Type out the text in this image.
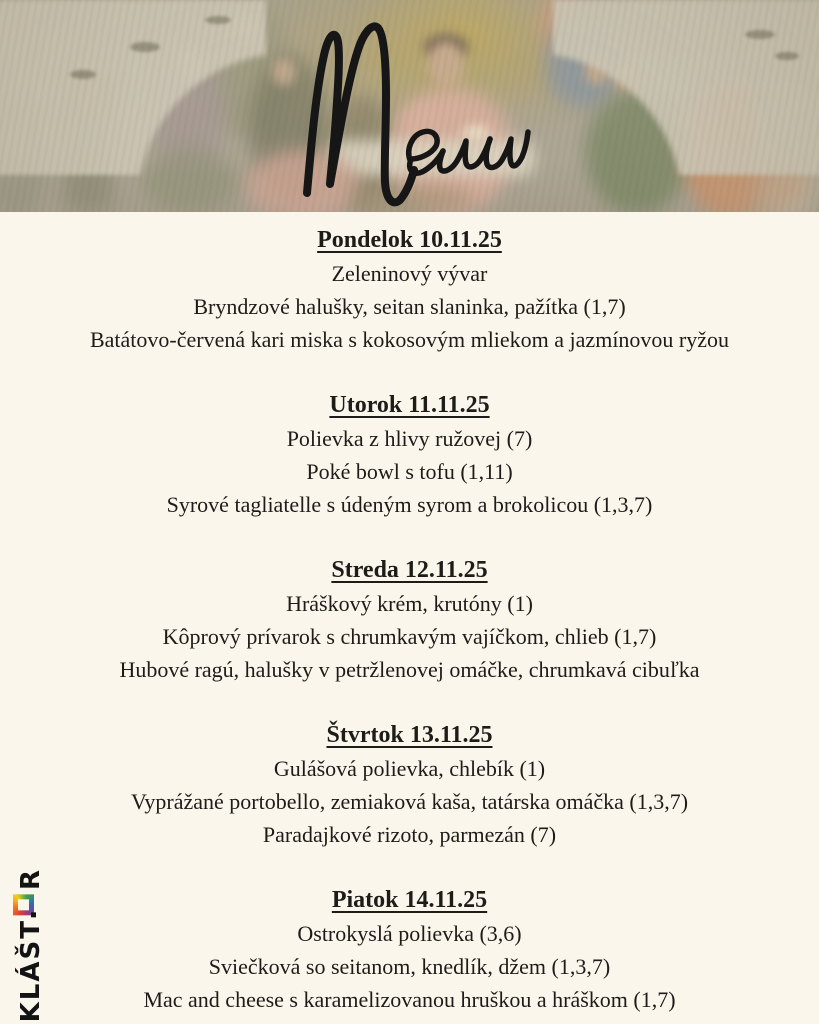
Pondelok 10.11.25
Zeleninový vývar
Bryndzové halušky, seitan slaninka, pažítka (1,7)
Batátovo-červená kari miska s kokosovým mliekom a jazmínovou ryžou
Utorok 11.11.25
Polievka z hlivy ružovej (7)
Poké bowl s tofu (1,11)
Syrové tagliatelle s údeným syrom a brokolicou (1,3,7)
Streda 12.11.25
Hráškový krém, krutóny (1)
Kôprový prívarok s chrumkavým vajíčkom, chlieb (1,7)
Hubové ragú, halušky v petržlenovej omáčke, chrumkavá cibuľka
Štvrtok 13.11.25
Gulášová polievka, chlebík (1)
Vyprážané portobello, zemiaková kaša, tatárska omáčka (1,3,7)
Paradajkové rizoto, parmezán (7)
Piatok 14.11.25
Ostrokyslá polievka (3,6)
Sviečková so seitanom, knedlík, džem (1,3,7)
Mac and cheese s karamelizovanou hruškou a hráškom (1,7)
KLÁŠTR
